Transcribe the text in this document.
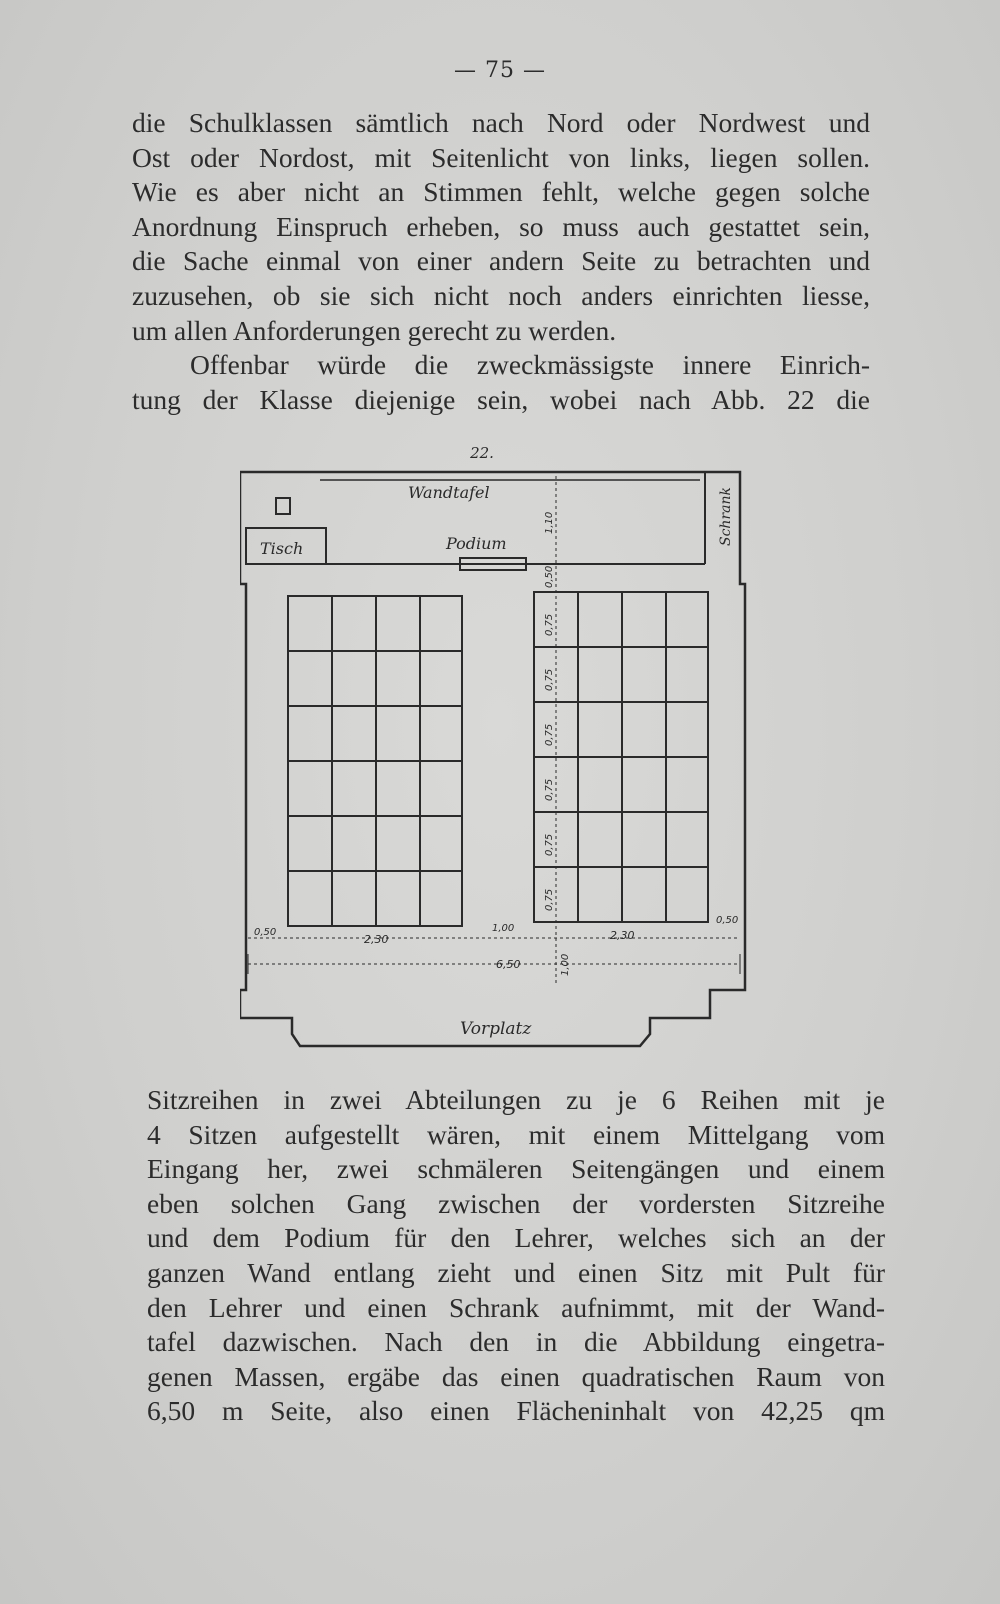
— 75 —
die Schulklassen sämtlich nach Nord oder Nordwest und
Ost oder Nordost, mit Seitenlicht von links, liegen sollen.
Wie es aber nicht an Stimmen fehlt, welche gegen solche
Anordnung Einspruch erheben, so muss auch gestattet sein,
die Sache einmal von einer andern Seite zu betrachten und
zuzusehen, ob sie sich nicht noch anders einrichten liesse,
um allen Anforderungen gerecht zu werden.
Offenbar würde die zweckmässigste innere Einrich-
tung der Klasse diejenige sein, wobei nach Abb. 22 die
22.
Wandtafel	Schrank
Tisch	Podium
Vorplatz
1,10
0,50
0,75
0,75
0,75
0,75
0,75
0,75
0,50
2,30
1,00
2,30
0,50
6,50	1,00
Sitzreihen in zwei Abteilungen zu je 6 Reihen mit je
4 Sitzen aufgestellt wären, mit einem Mittelgang vom
Eingang her, zwei schmäleren Seitengängen und einem
eben solchen Gang zwischen der vordersten Sitzreihe
und dem Podium für den Lehrer, welches sich an der
ganzen Wand entlang zieht und einen Sitz mit Pult für
den Lehrer und einen Schrank aufnimmt, mit der Wand-
tafel dazwischen. Nach den in die Abbildung eingetra-
genen Massen, ergäbe das einen quadratischen Raum von
6,50 m Seite, also einen Flächeninhalt von 42,25 qm
